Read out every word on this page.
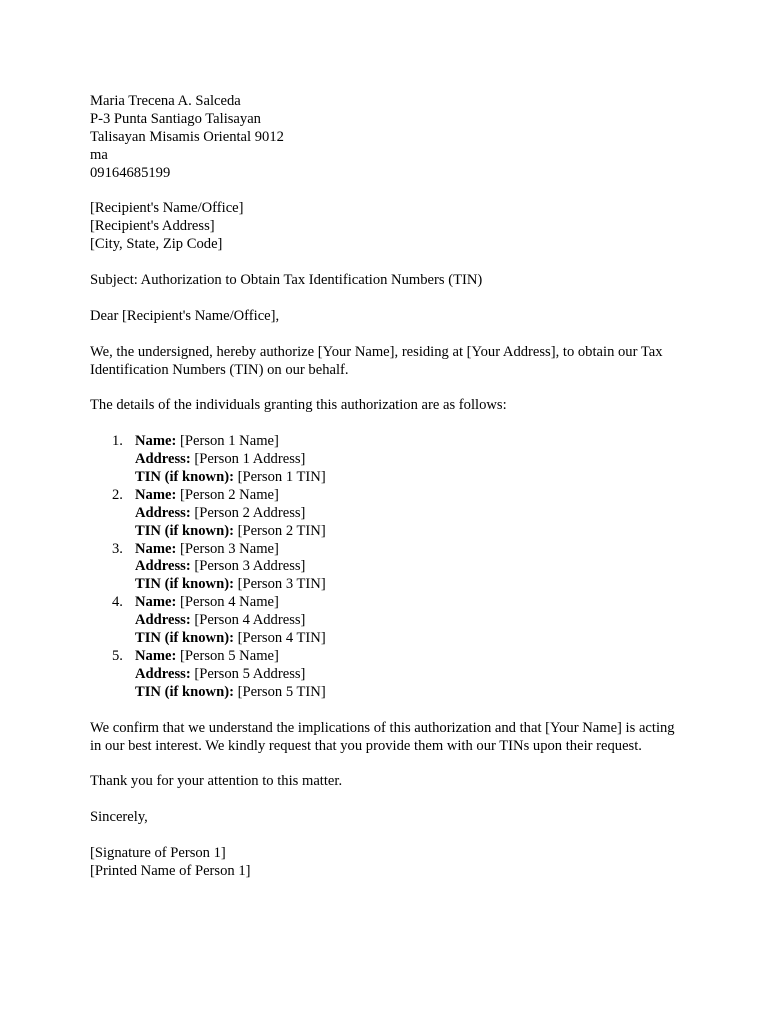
Maria Trecena A. Salceda
P-3 Punta Santiago Talisayan
Talisayan Misamis Oriental 9012
ma
09164685199
[Recipient's Name/Office]
[Recipient's Address]
[City, State, Zip Code]

Subject: Authorization to Obtain Tax Identification Numbers (TIN)

Dear [Recipient's Name/Office],

We, the undersigned, hereby authorize [Your Name], residing at [Your Address], to obtain our Tax Identification Numbers (TIN) on our behalf.

The details of the individuals granting this authorization are as follows:

1. Name: [Person 1 Name]
Address: [Person 1 Address]
TIN (if known): [Person 1 TIN]
2. Name: [Person 2 Name]
Address: [Person 2 Address]
TIN (if known): [Person 2 TIN]
3. Name: [Person 3 Name]
Address: [Person 3 Address]
TIN (if known): [Person 3 TIN]
4. Name: [Person 4 Name]
Address: [Person 4 Address]
TIN (if known): [Person 4 TIN]
5. Name: [Person 5 Name]
Address: [Person 5 Address]
TIN (if known): [Person 5 TIN]

We confirm that we understand the implications of this authorization and that [Your Name] is acting in our best interest. We kindly request that you provide them with our TINs upon their request.

Thank you for your attention to this matter.

Sincerely,

[Signature of Person 1]
[Printed Name of Person 1]
